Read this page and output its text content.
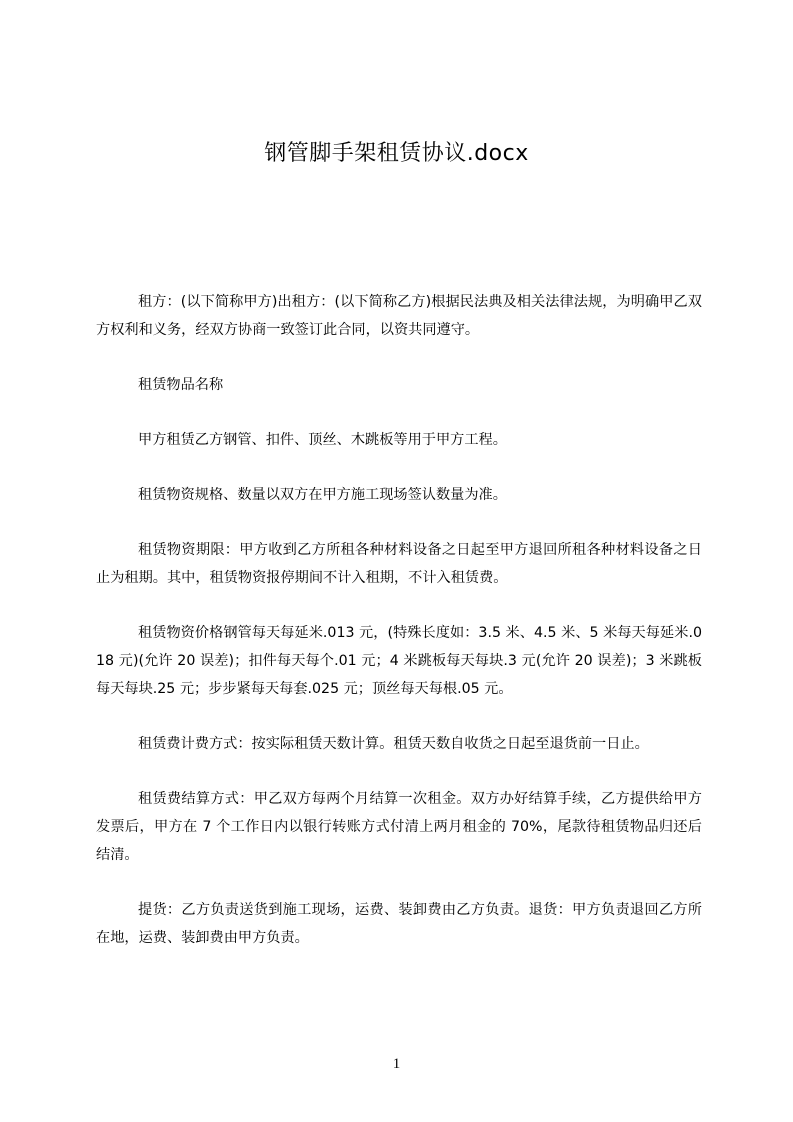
钢管脚手架租赁协议.docx

租方：(以下简称甲方)出租方：(以下简称乙方)根据民法典及相关法律法规，为明确甲乙双方权利和义务，经双方协商一致签订此合同，以资共同遵守。

租赁物品名称

甲方租赁乙方钢管、扣件、顶丝、木跳板等用于甲方工程。

租赁物资规格、数量以双方在甲方施工现场签认数量为准。

租赁物资期限：甲方收到乙方所租各种材料设备之日起至甲方退回所租各种材料设备之日止为租期。其中，租赁物资报停期间不计入租期，不计入租赁费。

租赁物资价格钢管每天每延米.013 元，(特殊长度如：3.5 米、4.5 米、5 米每天每延米.018 元)(允许 20 误差)；扣件每天每个.01 元；4 米跳板每天每块.3 元(允许 20 误差)；3 米跳板每天每块.25 元；步步紧每天每套.025 元；顶丝每天每根.05 元。

租赁费计费方式：按实际租赁天数计算。租赁天数自收货之日起至退货前一日止。

租赁费结算方式：甲乙双方每两个月结算一次租金。双方办好结算手续，乙方提供给甲方发票后，甲方在 7 个工作日内以银行转账方式付清上两月租金的 70%，尾款待租赁物品归还后结清。

提货：乙方负责送货到施工现场，运费、装卸费由乙方负责。退货：甲方负责退回乙方所在地，运费、装卸费由甲方负责。

1
